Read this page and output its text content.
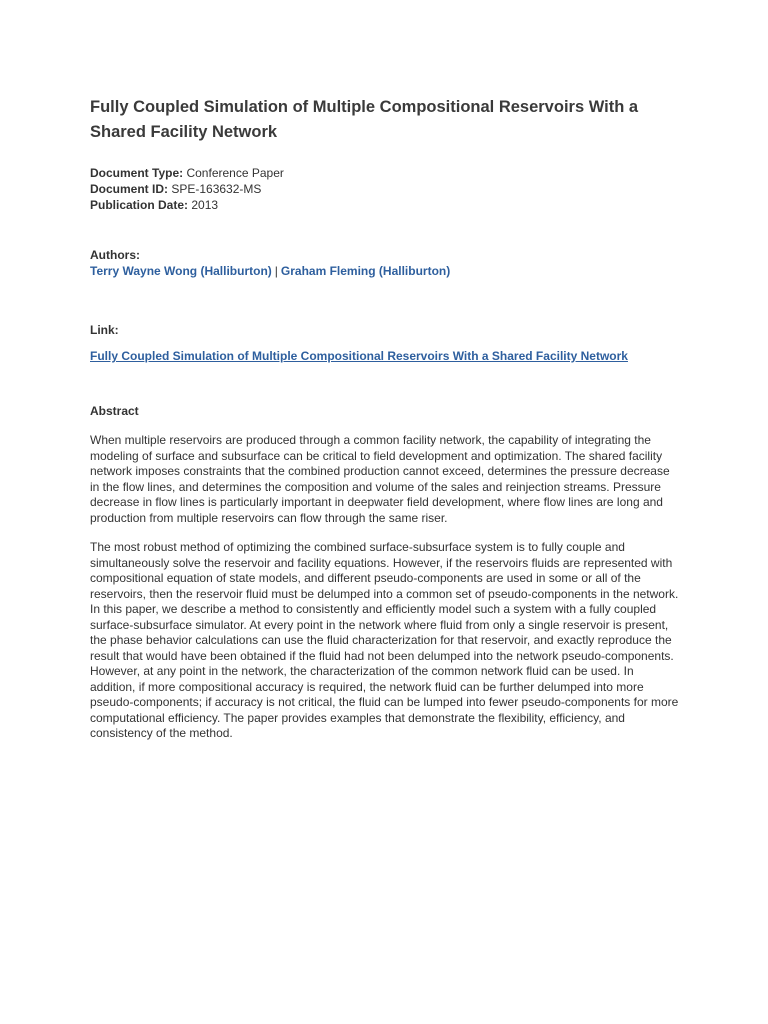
Fully Coupled Simulation of Multiple Compositional Reservoirs With a Shared Facility Network
Document Type: Conference Paper
Document ID: SPE-163632-MS
Publication Date: 2013
Authors:
Terry Wayne Wong (Halliburton) | Graham Fleming (Halliburton)
Link:
Fully Coupled Simulation of Multiple Compositional Reservoirs With a Shared Facility Network
Abstract

When multiple reservoirs are produced through a common facility network, the capability of integrating the modeling of surface and subsurface can be critical to field development and optimization. The shared facility network imposes constraints that the combined production cannot exceed, determines the pressure decrease in the flow lines, and determines the composition and volume of the sales and reinjection streams. Pressure decrease in flow lines is particularly important in deepwater field development, where flow lines are long and production from multiple reservoirs can flow through the same riser.

The most robust method of optimizing the combined surface-subsurface system is to fully couple and simultaneously solve the reservoir and facility equations. However, if the reservoirs fluids are represented with compositional equation of state models, and different pseudo-components are used in some or all of the reservoirs, then the reservoir fluid must be delumped into a common set of pseudo-components in the network. In this paper, we describe a method to consistently and efficiently model such a system with a fully coupled surface-subsurface simulator. At every point in the network where fluid from only a single reservoir is present, the phase behavior calculations can use the fluid characterization for that reservoir, and exactly reproduce the result that would have been obtained if the fluid had not been delumped into the network pseudo-components. However, at any point in the network, the characterization of the common network fluid can be used. In addition, if more compositional accuracy is required, the network fluid can be further delumped into more pseudo-components; if accuracy is not critical, the fluid can be lumped into fewer pseudo-components for more computational efficiency. The paper provides examples that demonstrate the flexibility, efficiency, and consistency of the method.
